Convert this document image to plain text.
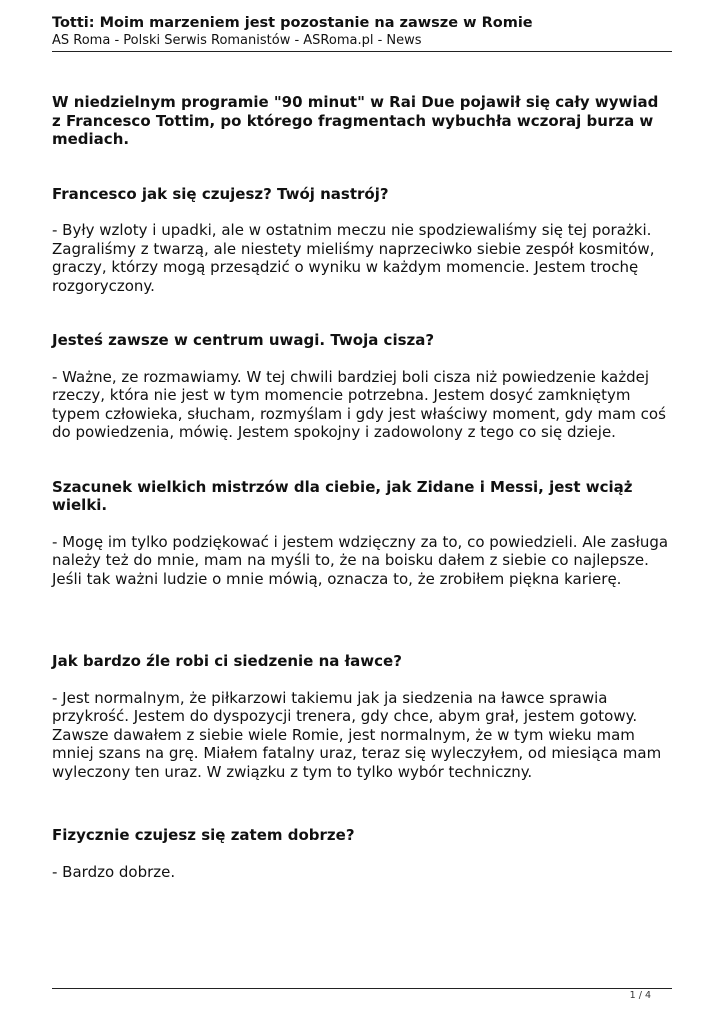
Totti: Moim marzeniem jest pozostanie na zawsze w Romie

AS Roma - Polski Serwis Romanistów - ASRoma.pl - News

W niedzielnym programie "90 minut" w Rai Due pojawił się cały wywiad z Francesco Tottim, po którego fragmentach wybuchła wczoraj burza w mediach.

Francesco jak się czujesz? Twój nastrój?

- Były wzloty i upadki, ale w ostatnim meczu nie spodziewaliśmy się tej porażki. Zagraliśmy z twarzą, ale niestety mieliśmy naprzeciwko siebie zespół kosmitów, graczy, którzy mogą przesądzić o wyniku w każdym momencie. Jestem trochę rozgoryczony.

Jesteś zawsze w centrum uwagi. Twoja cisza?

- Ważne, ze rozmawiamy. W tej chwili bardziej boli cisza niż powiedzenie każdej rzeczy, która nie jest w tym momencie potrzebna. Jestem dosyć zamkniętym typem człowieka, słucham, rozmyślam i gdy jest właściwy moment, gdy mam coś do powiedzenia, mówię. Jestem spokojny i zadowolony z tego co się dzieje.

Szacunek wielkich mistrzów dla ciebie, jak Zidane i Messi, jest wciąż wielki.

- Mogę im tylko podziękować i jestem wdzięczny za to, co powiedzieli. Ale zasługa należy też do mnie, mam na myśli to, że na boisku dałem z siebie co najlepsze. Jeśli tak ważni ludzie o mnie mówią, oznacza to, że zrobiłem piękna karierę.

Jak bardzo źle robi ci siedzenie na ławce?

- Jest normalnym, że piłkarzowi takiemu jak ja siedzenia na ławce sprawia przykrość. Jestem do dyspozycji trenera, gdy chce, abym grał, jestem gotowy. Zawsze dawałem z siebie wiele Romie, jest normalnym, że w tym wieku mam mniej szans na grę. Miałem fatalny uraz, teraz się wyleczyłem, od miesiąca mam wyleczony ten uraz. W związku z tym to tylko wybór techniczny.

Fizycznie czujesz się zatem dobrze?

- Bardzo dobrze.

1 / 4
